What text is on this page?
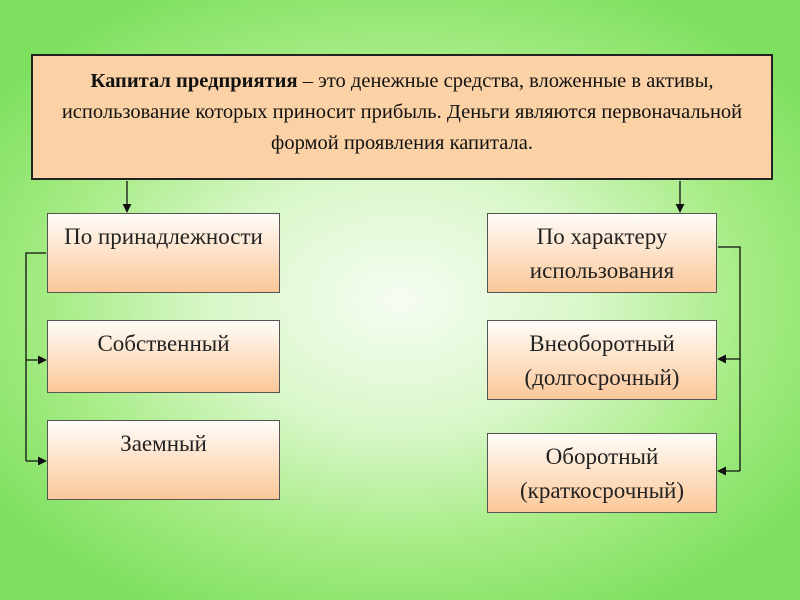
Капитал предприятия – это денежные средства, вложенные в активы, использование которых приносит прибыль. Деньги являются первоначальной формой проявления капитала.
По принадлежности
Собственный
Заемный
По характеру использования
Внеоборотный (долгосрочный)
Оборотный (краткосрочный)
